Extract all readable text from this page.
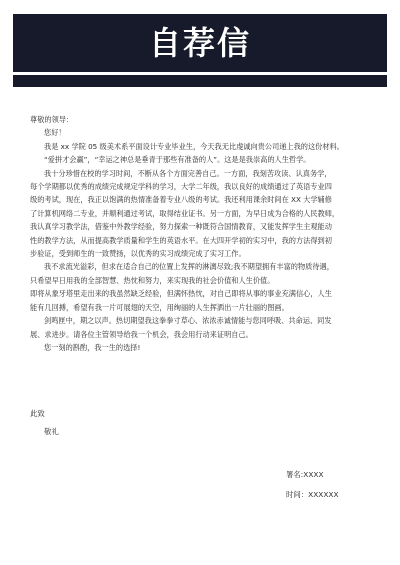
自荐信
尊敬的领导：
您好！
我是 xx 学院 05 级美术系平面设计专业毕业生，今天我无比虔诚向贵公司递上我的这份材料。
“爱拼才会赢”，“幸运之神总是垂青于那些有准备的人”。这是是我崇高的人生哲学。
我十分珍惜在校的学习时间，不断从各个方面完善自己。一方面，我刻苦攻读、认真务学，
每个学期都以优秀的成绩完成规定学科的学习，大学二年级，我以良好的成绩通过了英语专业四
级的考试，现在，我正以饱满的热情准备着专业八级的考试。我还利用课余时间在 XX 大学辅修
了计算机网络二专业，并顺利通过考试，取得结业证书。另一方面，为早日成为合格的人民教师，
我认真学习教学法，借鉴中外教学经验，努力探索一种既符合国情教育，又能发挥学生主观能动
性的教学方法，从而提高教学质量和学生的英语水平。在大四开学初的实习中，我的方法得到初
步验证，受到师生的一致赞扬，以优秀的实习成绩完成了实习工作。
我不求流光溢彩，但求在适合自己的位置上发挥的淋漓尽致;我不期望拥有丰富的物质待遇，
只希望早日用我的全部智慧、热忱和努力，来实现我的社会价值和人生价值。
即将从象牙塔里走出来的我虽然缺乏经验，但满怀热忱，对自己即将从事的事业充满信心，人生
能有几回搏，希望有我一片可展翅的天空，用绚丽的人生挥洒出一片壮丽的图画。
剑鸣匣中，期之以声。热切期望我这拳拳寸草心、浓浓赤诚情能与您同呼吸、共命运、同发
展、求进步。请各位主管领导给我一个机会，我会用行动来证明自己。
您一刻的斟酌，我一生的选择!
此致
敬礼
署名:XXXX
时间：XXXXXX
